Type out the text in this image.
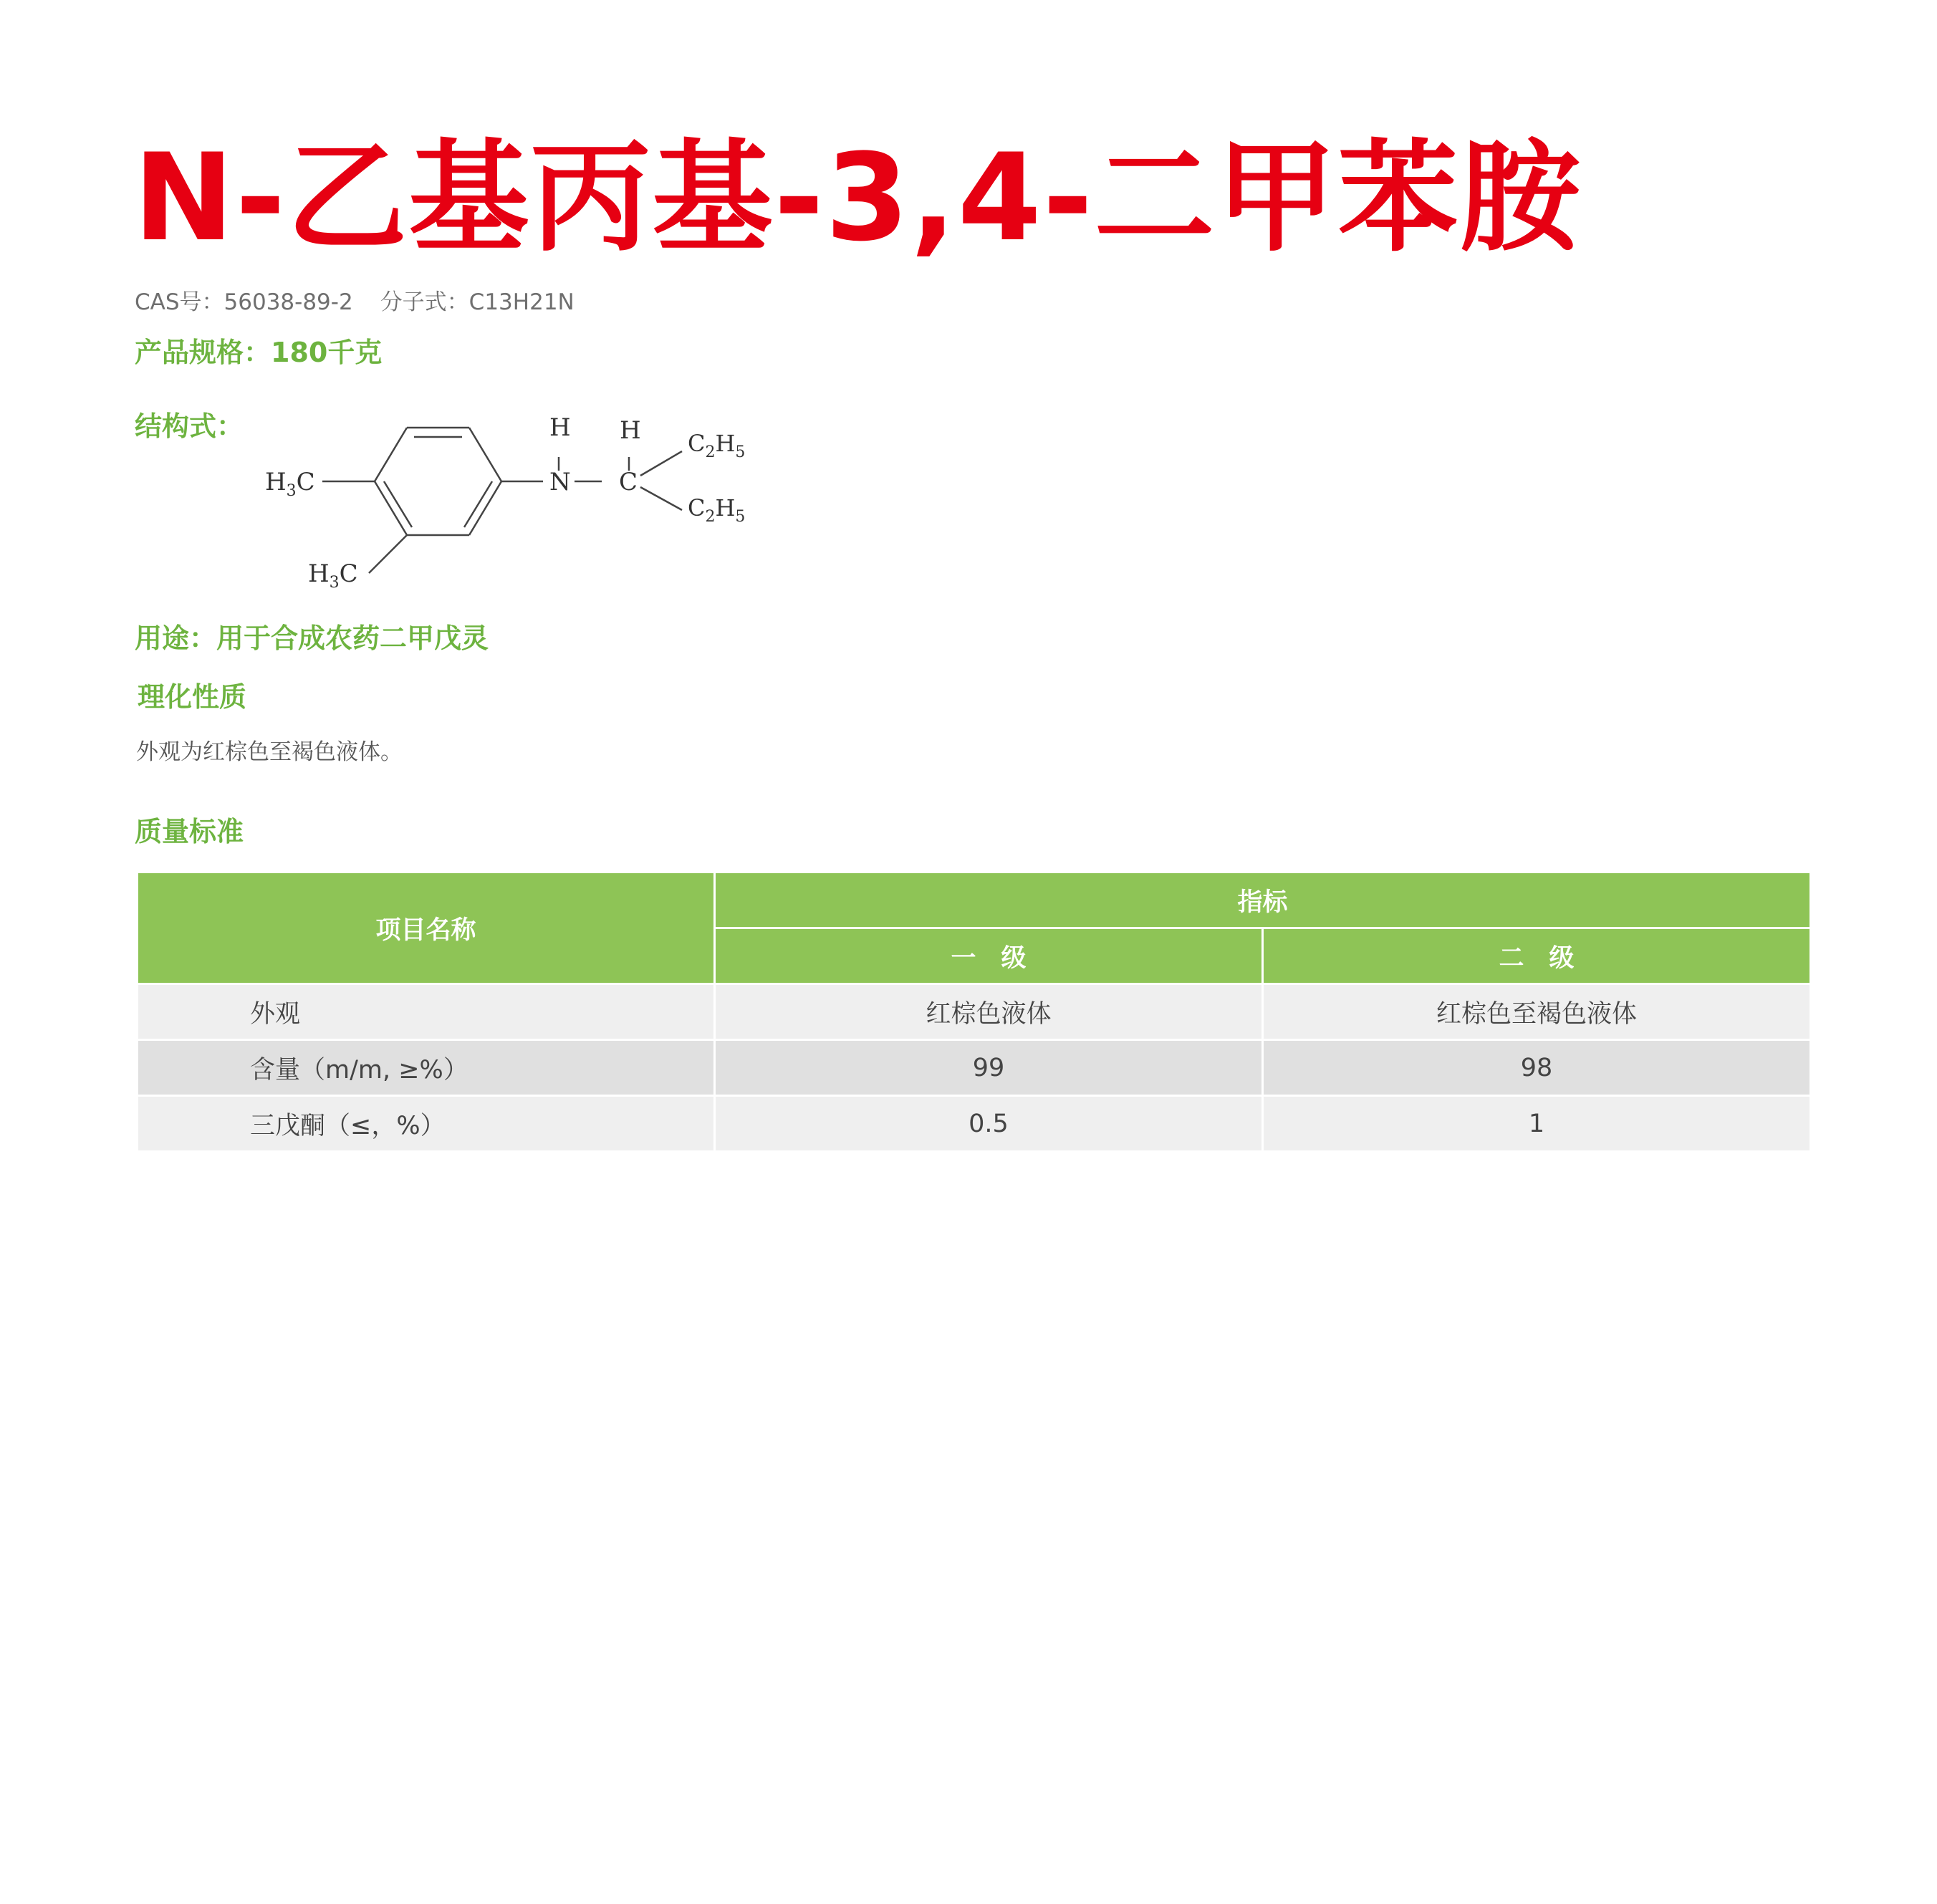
N-乙基丙基-3,4-二甲苯胺
CAS号：56038-89-2 分子式：C13H21N
产品规格：180千克
结构式：
$H_3C$
$H_3C$
H
N
H
C
$C_2H_5$
$C_2H_5$
用途：用于合成农药二甲戊灵
理化性质
外观为红棕色至褐色液体。
质量标准
项目名称	指标	
	一　级	二　级
外观	红棕色液体	红棕色至褐色液体
含量（m/m, ≥%）	99	98
三戊酮（≤，%）	0.5	1
